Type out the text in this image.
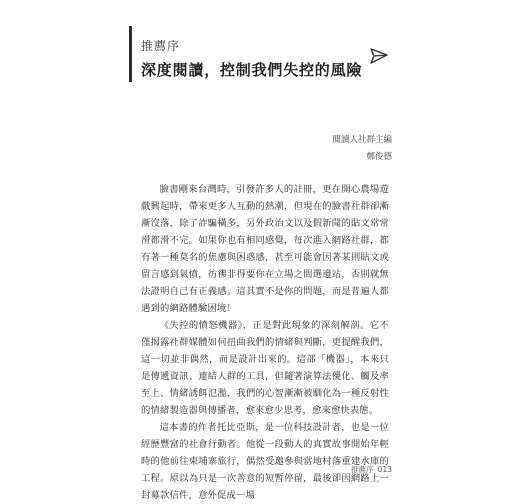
推薦序
深度閱讀，控制我們失控的風險
閱讀人社群主編
鄭俊德

臉書剛來台灣時，引發許多人的註冊，更在開心農場遊戲興起時，帶來更多人互動的熱潮，但現在的臉書社群卻漸漸沒落，除了詐騙橫多，另外政治文以及假新聞的貼文常常滑都滑不完。如果你也有相同感覺，每次進入網路社群，都有著一種莫名的焦慮與困惑感，甚至可能會因著某則貼文或留言感到氣憤，彷彿非得要你在立場之間選邊站，否則就無法證明自己有正義感。這其實不是你的問題，而是普遍人都遇到的網路體驗困境！

《失控的憤怒機器》，正是對此現象的深刻解剖。它不僅揭露社群媒體如何扭曲我們的情緒與判斷，更提醒我們，這一切並非偶然，而是設計出來的。這部「機器」，本來只是傳遞資訊、連結人群的工具，但隨著演算法優化、觸及率至上、情緒誘餌氾濫，我們的心智漸漸被馴化為一種反射性的情緒製造器與傳播者，愈來愈少思考，愈來愈快表態。

這本書的作者托比亞斯，是一位科技設計者，也是一位經歷豐富的社會行動者。他從一段動人的真實故事開始年輕時的他前往柬埔寨旅行，偶然受邀參與當地村落重建水庫的工程。原以為只是一次善意的短暫停留，最後卻因網路上一封募款信件，意外促成一場

推薦序 013
